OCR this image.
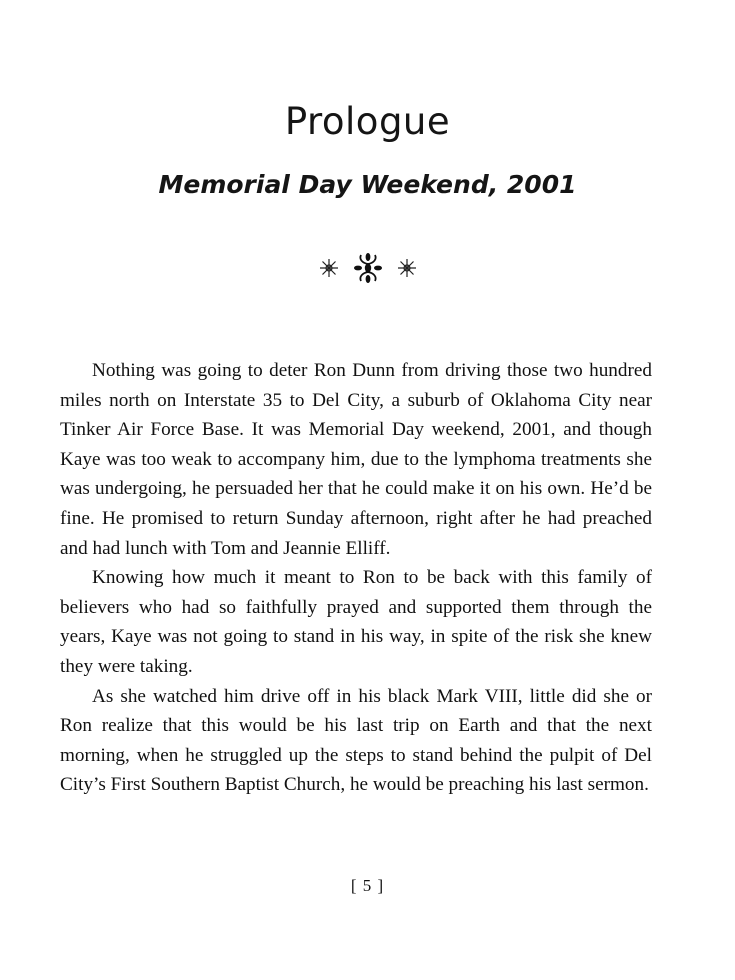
Prologue
Memorial Day Weekend, 2001

Nothing was going to deter Ron Dunn from driving those two hundred miles north on Interstate 35 to Del City, a suburb of Oklahoma City near Tinker Air Force Base. It was Memorial Day weekend, 2001, and though Kaye was too weak to accompany him, due to the lymphoma treatments she was undergoing, he persuaded her that he could make it on his own. He’d be fine. He promised to return Sunday afternoon, right after he had preached and had lunch with Tom and Jeannie Elliff.

Knowing how much it meant to Ron to be back with this family of believers who had so faithfully prayed and supported them through the years, Kaye was not going to stand in his way, in spite of the risk she knew they were taking.

As she watched him drive off in his black Mark VIII, little did she or Ron realize that this would be his last trip on Earth and that the next morning, when he struggled up the steps to stand behind the pulpit of Del City’s First Southern Baptist Church, he would be preaching his last sermon.

[ 5 ]
